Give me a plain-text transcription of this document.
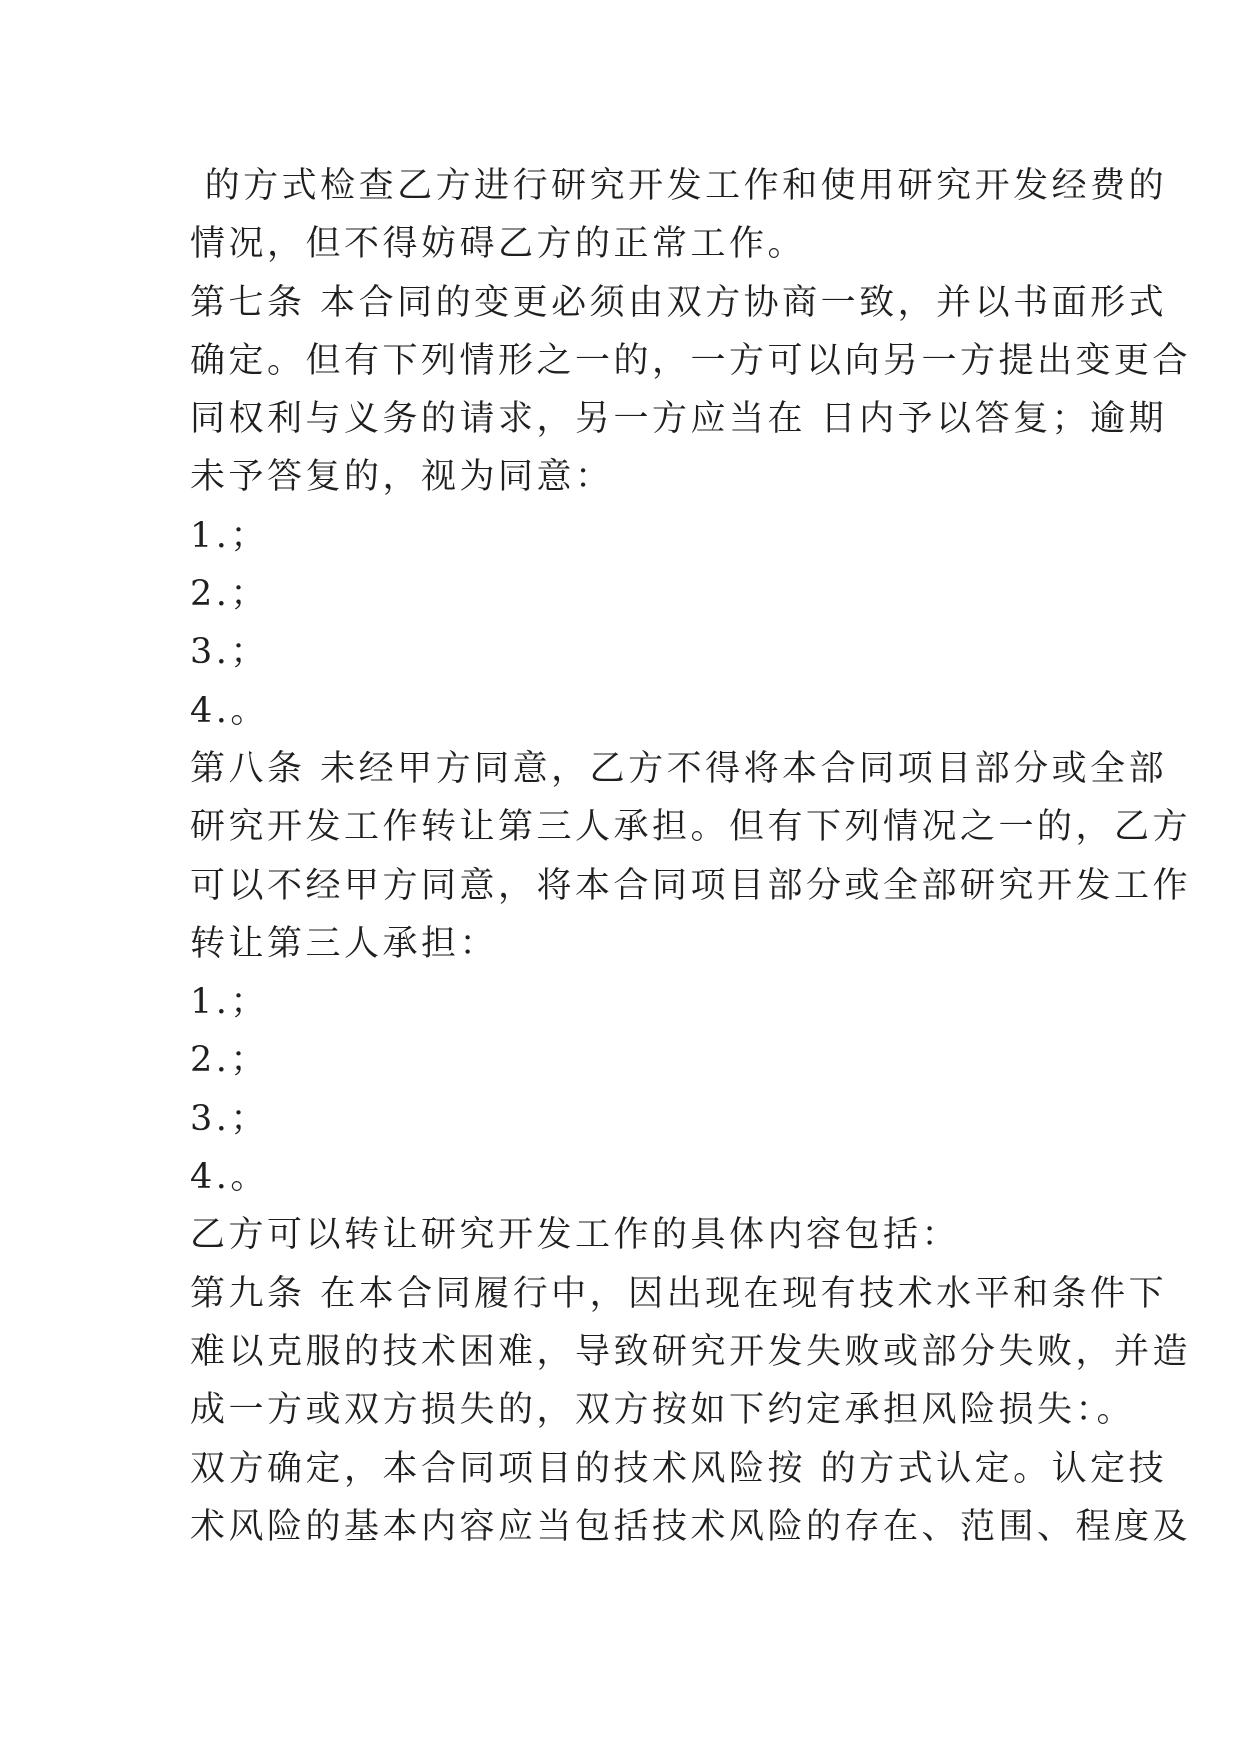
的方式检查乙方进行研究开发工作和使用研究开发经费的
情况，但不得妨碍乙方的正常工作。
第七条 本合同的变更必须由双方协商一致，并以书面形式
确定。但有下列情形之一的，一方可以向另一方提出变更合
同权利与义务的请求，另一方应当在 日内予以答复；逾期
未予答复的，视为同意：
1.；
2.；
3.；
4.。
第八条 未经甲方同意，乙方不得将本合同项目部分或全部
研究开发工作转让第三人承担。但有下列情况之一的，乙方
可以不经甲方同意，将本合同项目部分或全部研究开发工作
转让第三人承担：
1.；
2.；
3.；
4.。
乙方可以转让研究开发工作的具体内容包括：
第九条 在本合同履行中，因出现在现有技术水平和条件下
难以克服的技术困难，导致研究开发失败或部分失败，并造
成一方或双方损失的，双方按如下约定承担风险损失：。
双方确定，本合同项目的技术风险按 的方式认定。认定技
术风险的基本内容应当包括技术风险的存在、范围、程度及
